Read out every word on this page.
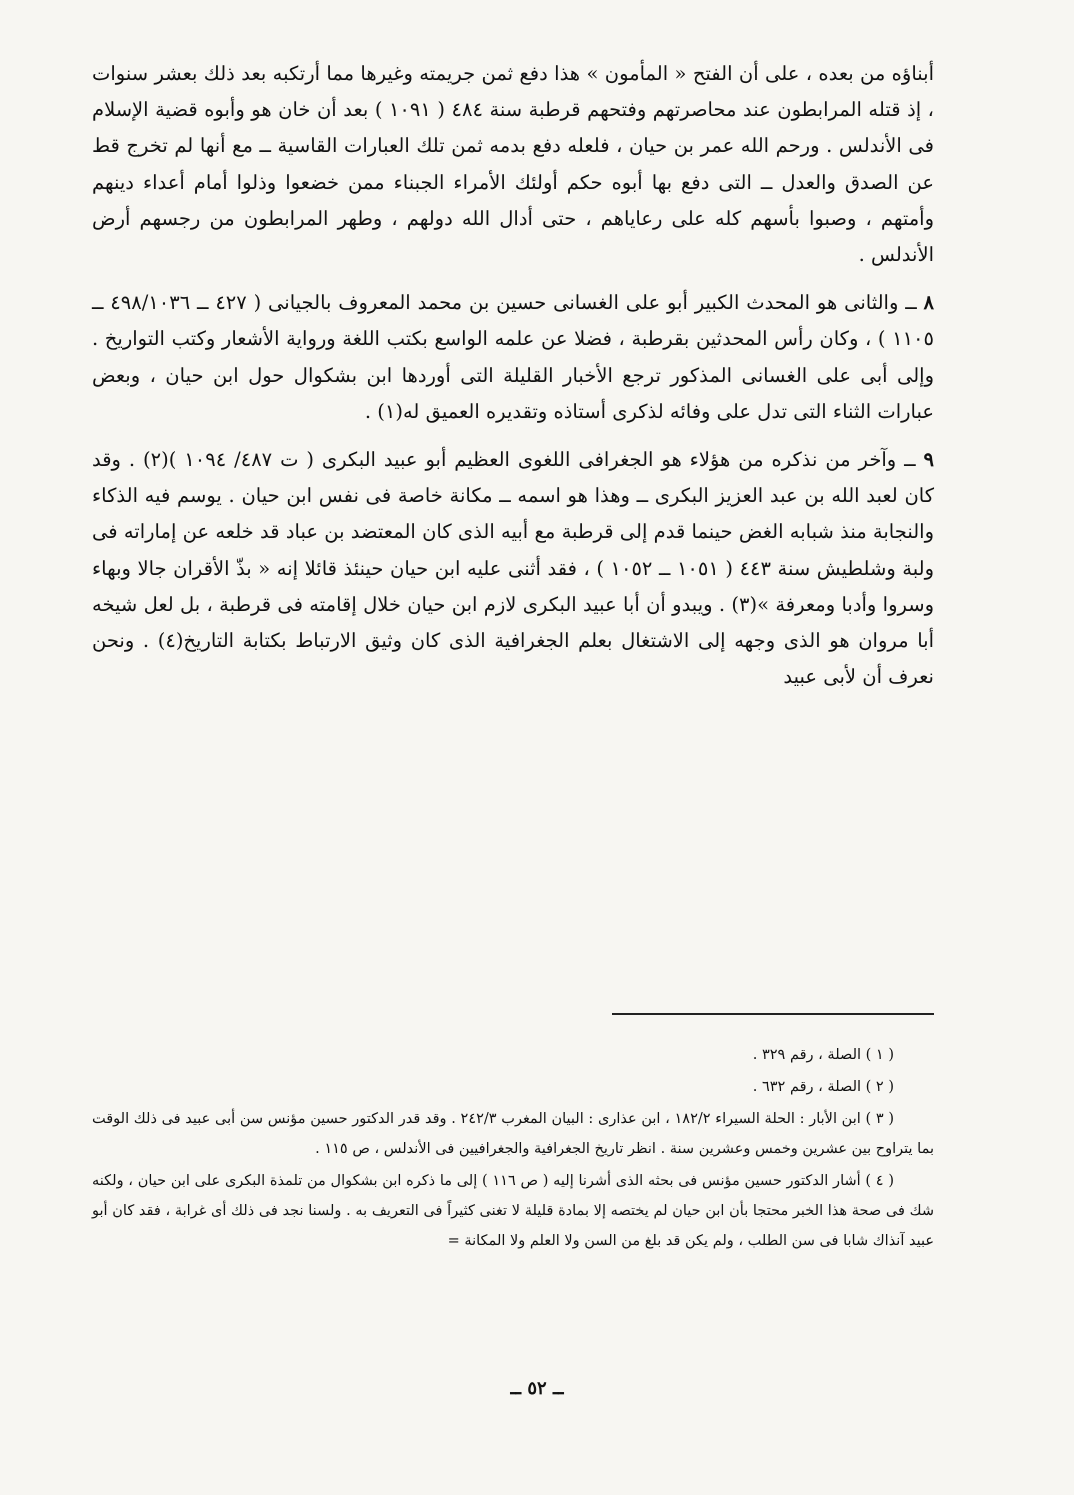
أبناؤه من بعده ، على أن الفتح « المأمون » هذا دفع ثمن جريمته وغيرها مما أرتكبه بعد ذلك بعشر سنوات ، إذ قتله المرابطون عند محاصرتهم وفتحهم قرطبة سنة ٤٨٤ ( ١٠٩١ ) بعد أن خان هو وأبوه قضية الإسلام فى الأندلس . ورحم الله عمر بن حيان ، فلعله دفع بدمه ثمن تلك العبارات القاسية ــ مع أنها لم تخرج قط عن الصدق والعدل ــ التى دفع بها أبوه حكم أولئك الأمراء الجبناء ممن خضعوا وذلوا أمام أعداء دينهم وأمتهم ، وصبوا بأسهم كله على رعاياهم ، حتى أدال الله دولهم ، وطهر المرابطون من رجسهم أرض الأندلس .

٨ ــ والثانى هو المحدث الكبير أبو على الغسانى حسين بن محمد المعروف بالجيانى ( ٤٢٧ ــ ٤٩٨/١٠٣٦ ــ ١١٠٥ ) ، وكان رأس المحدثين بقرطبة ، فضلا عن علمه الواسع بكتب اللغة ورواية الأشعار وكتب التواريخ . وإلى أبى على الغسانى المذكور ترجع الأخبار القليلة التى أوردها ابن بشكوال حول ابن حيان ، وبعض عبارات الثناء التى تدل على وفائه لذكرى أستاذه وتقديره العميق له(١) .

٩ ــ وآخر من نذكره من هؤلاء هو الجغرافى اللغوى العظيم أبو عبيد البكرى ( ت ٤٨٧/ ١٠٩٤ )(٢) . وقد كان لعبد الله بن عبد العزيز البكرى ــ وهذا هو اسمه ــ مكانة خاصة فى نفس ابن حيان . يوسم فيه الذكاء والنجابة منذ شبابه الغض حينما قدم إلى قرطبة مع أبيه الذى كان المعتضد بن عباد قد خلعه عن إماراته فى ولبة وشلطيش سنة ٤٤٣ ( ١٠٥١ ــ ١٠٥٢ ) ، فقد أثنى عليه ابن حيان حينئذ قائلا إنه « بذّ الأقران جالا وبهاء وسروا وأدبا ومعرفة »(٣) . ويبدو أن أبا عبيد البكرى لازم ابن حيان خلال إقامته فى قرطبة ، بل لعل شيخه أبا مروان هو الذى وجهه إلى الاشتغال بعلم الجغرافية الذى كان وثيق الارتباط بكتابة التاريخ(٤) . ونحن نعرف أن لأبى عبيد

( ١ ) الصلة ، رقم ٣٢٩ .

( ٢ ) الصلة ، رقم ٦٣٢ .

( ٣ ) ابن الأبار : الحلة السيراء ١٨٢/٢ ، ابن عذارى : البيان المغرب ٢٤٢/٣ . وقد قدر الدكتور حسين مؤنس سن أبى عبيد فى ذلك الوقت بما يتراوح بين عشرين وخمس وعشرين سنة . انظر تاريخ الجغرافية والجغرافيين فى الأندلس ، ص ١١٥ .

( ٤ ) أشار الدكتور حسين مؤنس فى بحثه الذى أشرنا إليه ( ص ١١٦ ) إلى ما ذكره ابن بشكوال من تلمذة البكرى على ابن حيان ، ولكنه شك فى صحة هذا الخبر محتجا بأن ابن حيان لم يختصه إلا بمادة قليلة لا تغنى كثيراً فى التعريف به . ولسنا نجد فى ذلك أى غرابة ، فقد كان أبو عبيد آنذاك شابا فى سن الطلب ، ولم يكن قد بلغ من السن ولا العلم ولا المكانة =

ــ ٥٢ ــ
